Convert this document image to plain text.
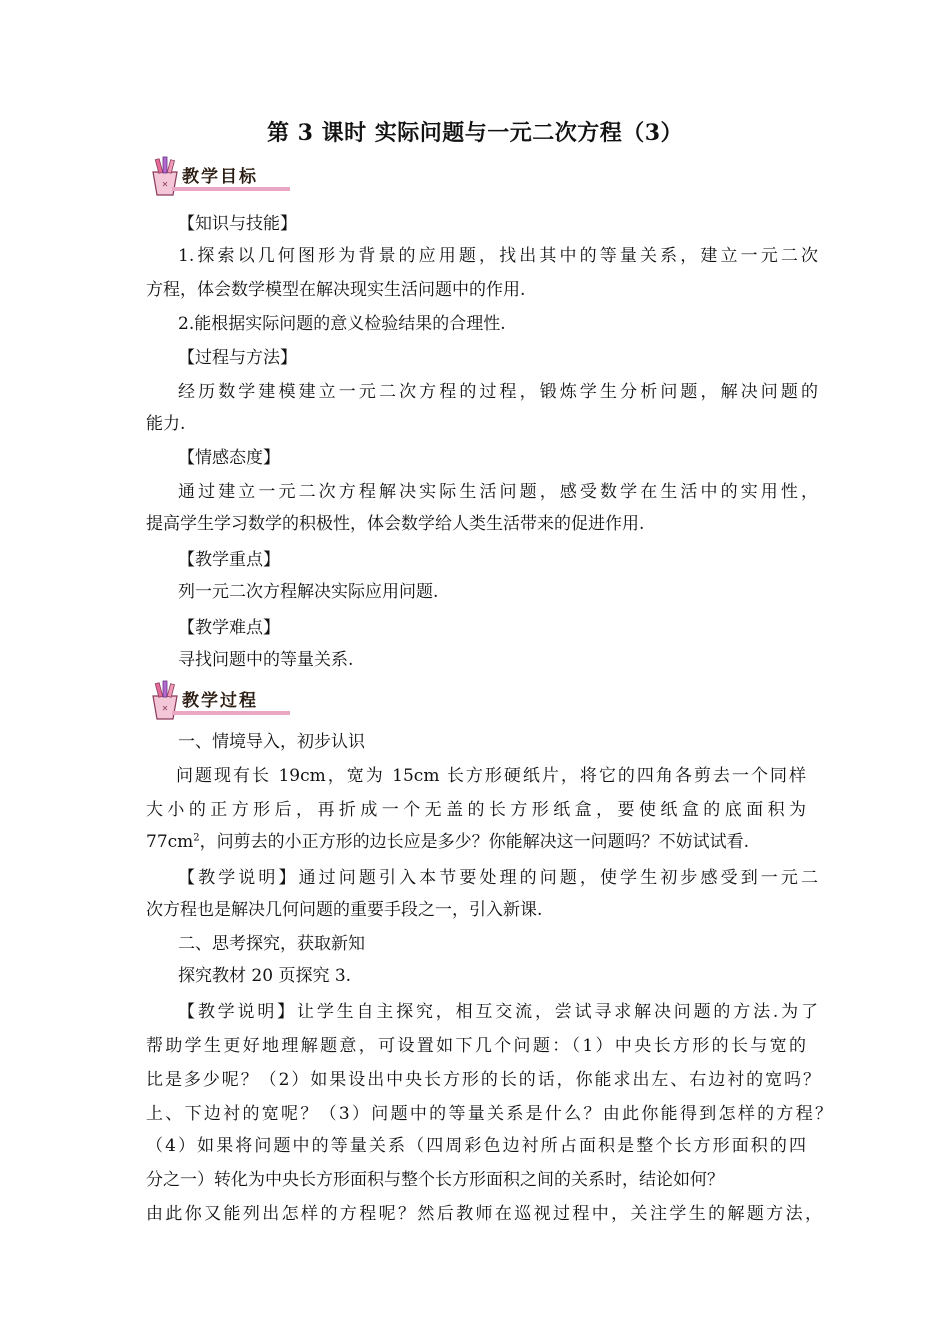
第 3 课时 实际问题与一元二次方程（3）
✕ 教学目标
【知识与技能】
1.探索以几何图形为背景的应用题，找出其中的等量关系，建立一元二次
方程，体会数学模型在解决现实生活问题中的作用.
2.能根据实际问题的意义检验结果的合理性.
【过程与方法】
经历数学建模建立一元二次方程的过程，锻炼学生分析问题，解决问题的
能力.
【情感态度】
通过建立一元二次方程解决实际生活问题，感受数学在生活中的实用性，
提高学生学习数学的积极性，体会数学给人类生活带来的促进作用.
【教学重点】
列一元二次方程解决实际应用问题.
【教学难点】
寻找问题中的等量关系.
✕ 教学过程
一、情境导入，初步认识
问题现有长 19cm，宽为 15cm 长方形硬纸片，将它的四角各剪去一个同样
大小的正方形后，再折成一个无盖的长方形纸盒，要使纸盒的底面积为
$77cm^2$，问剪去的小正方形的边长应是多少？你能解决这一问题吗？不妨试试看.
【教学说明】通过问题引入本节要处理的问题，使学生初步感受到一元二
次方程也是解决几何问题的重要手段之一，引入新课.
二、思考探究，获取新知
探究教材 20 页探究 3.
【教学说明】让学生自主探究，相互交流，尝试寻求解决问题的方法.为了
帮助学生更好地理解题意，可设置如下几个问题：（1）中央长方形的长与宽的
比是多少呢？（2）如果设出中央长方形的长的话，你能求出左、右边衬的宽吗？
上、下边衬的宽呢？（3）问题中的等量关系是什么？由此你能得到怎样的方程？
（4）如果将问题中的等量关系（四周彩色边衬所占面积是整个长方形面积的四
分之一）转化为中央长方形面积与整个长方形面积之间的关系时，结论如何？
由此你又能列出怎样的方程呢？然后教师在巡视过程中，关注学生的解题方法，
